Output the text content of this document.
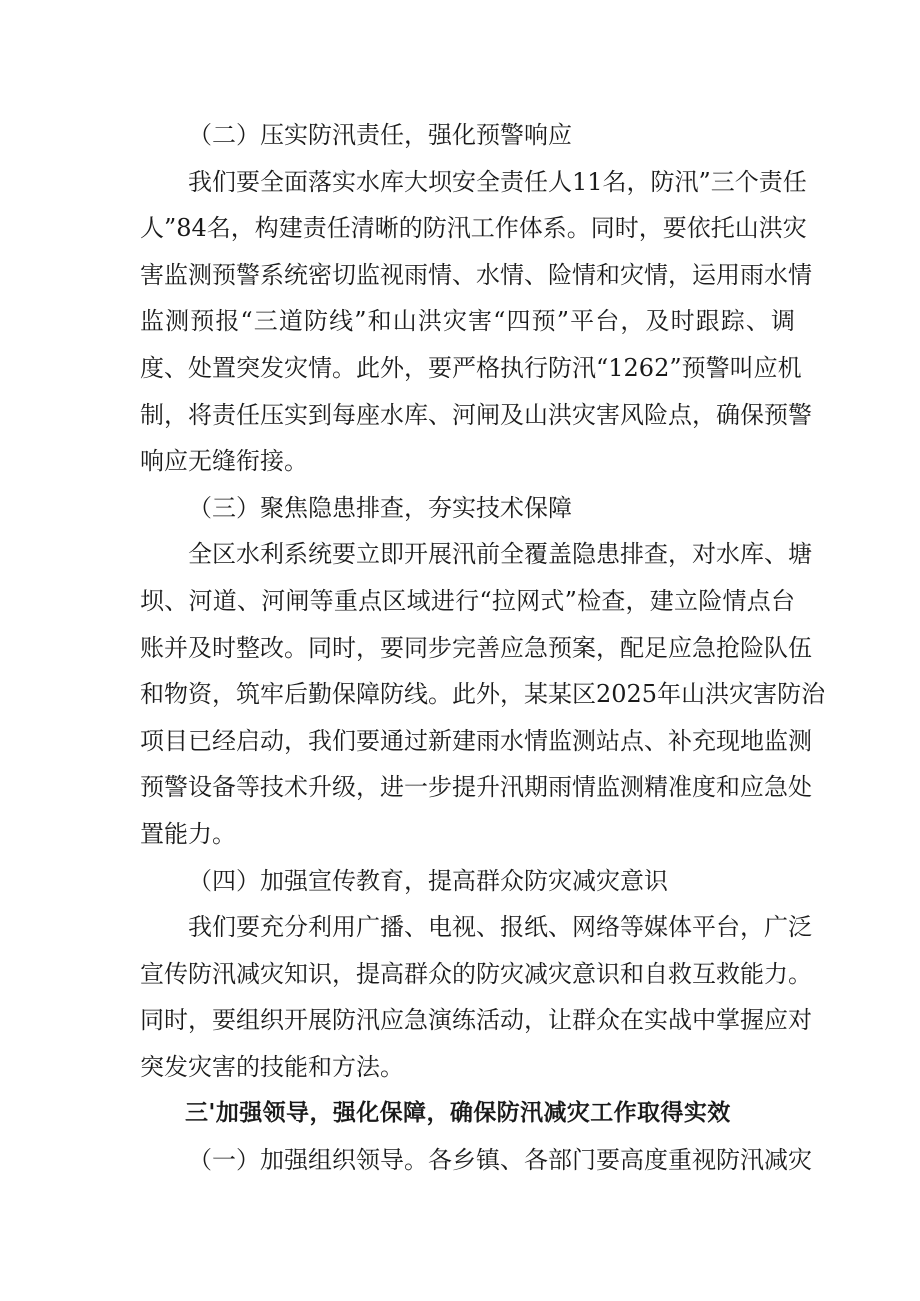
（二）压实防汛责任，强化预警响应
我们要全面落实水库大坝安全责任人11名，防汛”三个责任
人”84名，构建责任清晰的防汛工作体系。同时，要依托山洪灾
害监测预警系统密切监视雨情、水情、险情和灾情，运用雨水情
监测预报“三道防线”和山洪灾害“四预”平台，及时跟踪、调
度、处置突发灾情。此外，要严格执行防汛“1262”预警叫应机
制，将责任压实到每座水库、河闸及山洪灾害风险点，确保预警
响应无缝衔接。
（三）聚焦隐患排查，夯实技术保障
全区水利系统要立即开展汛前全覆盖隐患排查，对水库、塘
坝、河道、河闸等重点区域进行“拉网式”检查，建立险情点台
账并及时整改。同时，要同步完善应急预案，配足应急抢险队伍
和物资，筑牢后勤保障防线。此外，某某区2025年山洪灾害防治
项目已经启动，我们要通过新建雨水情监测站点、补充现地监测
预警设备等技术升级，进一步提升汛期雨情监测精准度和应急处
置能力。
（四）加强宣传教育，提高群众防灾减灾意识
我们要充分利用广播、电视、报纸、网络等媒体平台，广泛
宣传防汛减灾知识，提高群众的防灾减灾意识和自救互救能力。
同时，要组织开展防汛应急演练活动，让群众在实战中掌握应对
突发灾害的技能和方法。
三'加强领导，强化保障，确保防汛减灾工作取得实效
（一）加强组织领导。各乡镇、各部门要高度重视防汛减灾
